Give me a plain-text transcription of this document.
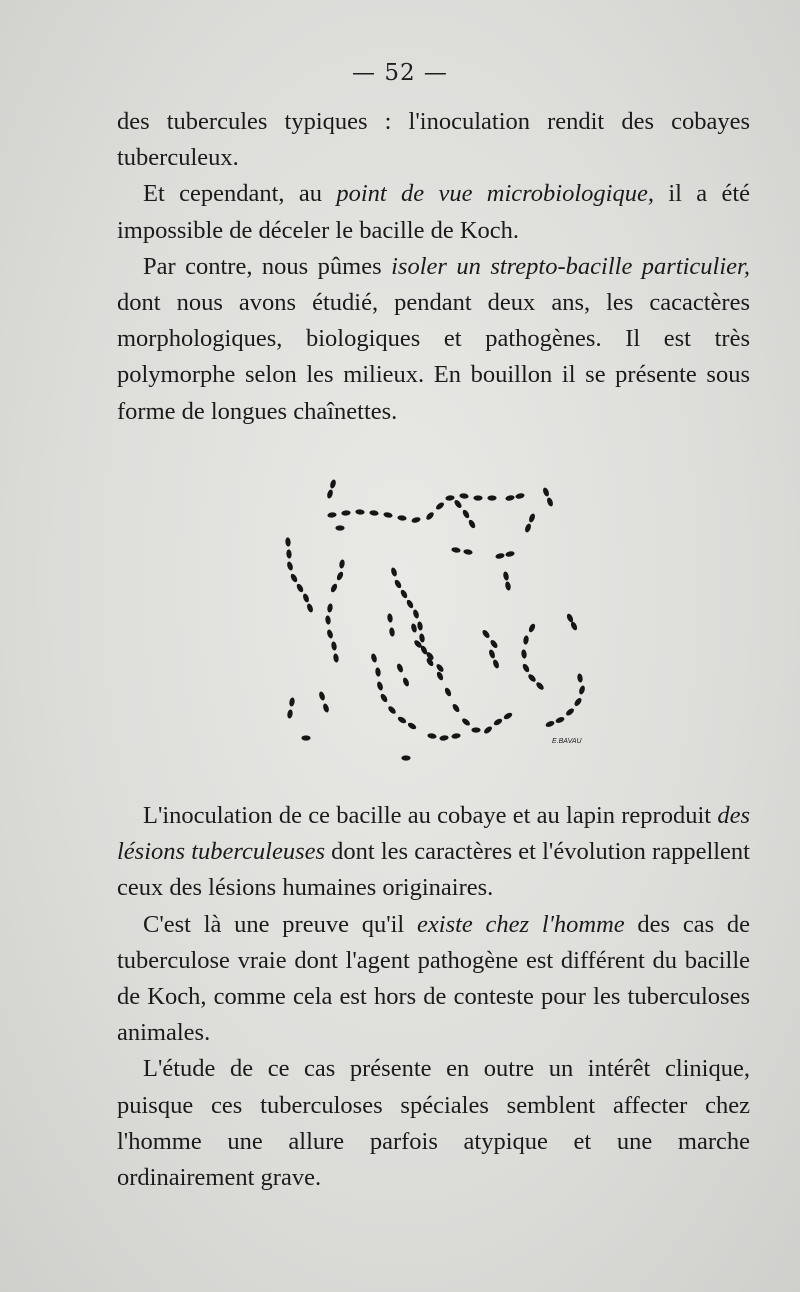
— 52 —

des tubercules typiques : l'inoculation rendit des cobayes tuberculeux.

Et cependant, au point de vue microbiologique, il a été impossible de déceler le bacille de Koch.

Par contre, nous pûmes isoler un strepto-bacille particulier, dont nous avons étudié, pendant deux ans, les cacactères morphologiques, biologiques et pathogènes. Il est très polymorphe selon les milieux. En bouillon il se présente sous forme de longues chaînettes.

E.BAVAU

L'inoculation de ce bacille au cobaye et au lapin reproduit des lésions tuberculeuses dont les caractères et l'évolution rappellent ceux des lésions humaines originaires.

C'est là une preuve qu'il existe chez l'homme des cas de tuberculose vraie dont l'agent pathogène est différent du bacille de Koch, comme cela est hors de conteste pour les tuberculoses animales.

L'étude de ce cas présente en outre un intérêt clinique, puisque ces tuberculoses spéciales semblent affecter chez l'homme une allure parfois atypique et une marche ordinairement grave.
